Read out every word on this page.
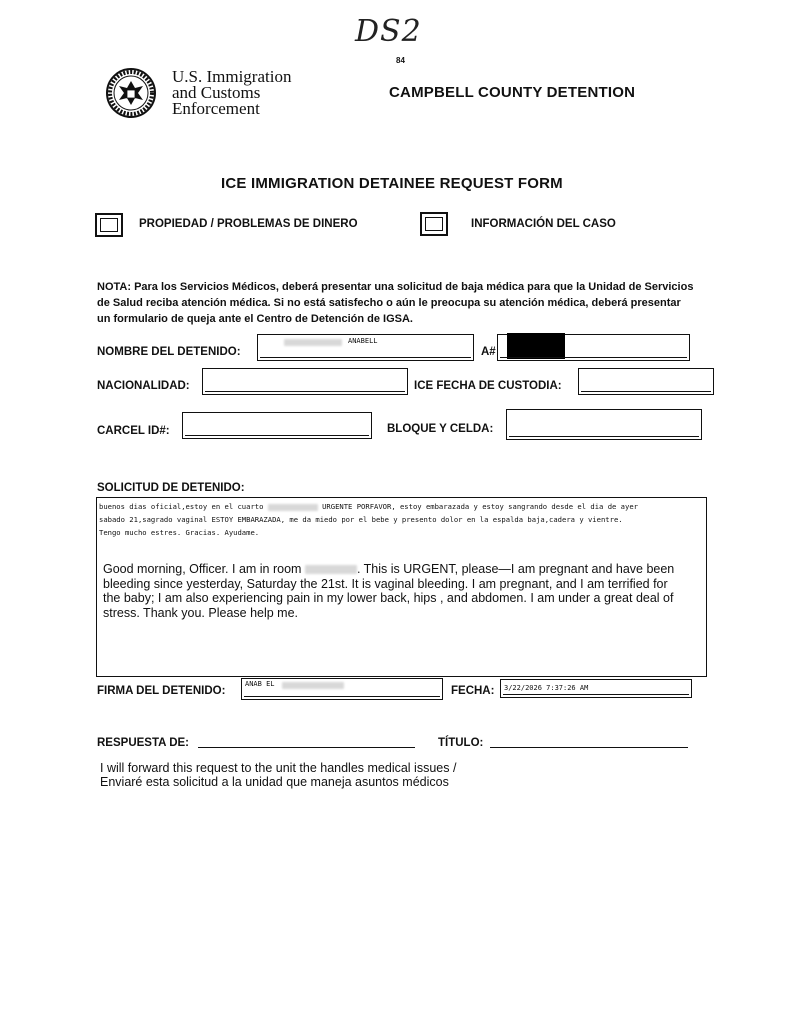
DS2
84
U.S. Immigration
and Customs
Enforcement
CAMPBELL COUNTY DETENTION
ICE IMMIGRATION DETAINEE REQUEST FORM
PROPIEDAD / PROBLEMAS DE DINERO	INFORMACIÓN DEL CASO
NOTA: Para los Servicios Médicos, deberá presentar una solicitud de baja médica para que la Unidad de Servicios de Salud reciba atención médica. Si no está satisfecho o aún le preocupa su atención médica, deberá presentar un formulario de queja ante el Centro de Detención de IGSA.
NOMBRE DEL DETENIDO:
ANABELL
A#
NACIONALIDAD:	ICE FECHA DE CUSTODIA:
CARCEL ID#:	BLOQUE Y CELDA:
SOLICITUD DE DETENIDO:
buenos dias oficial,estoy en el cuarto	URGENTE PORFAVOR, estoy embarazada y estoy sangrando desde el dia de ayer
sabado 21,sagrado vaginal ESTOY EMBARAZADA, me da miedo por el bebe y presento dolor en la espalda baja,cadera y vientre.
Tengo mucho estres. Gracias. Ayudame.
Good morning, Officer. I am in room	. This is URGENT, please—I am pregnant and have been bleeding since yesterday, Saturday the 21st. It is vaginal bleeding. I am pregnant, and I am terrified for the baby; I am also experiencing pain in my lower back, hips , and abdomen. I am under a great deal of stress. Thank you. Please help me.
FIRMA DEL DETENIDO:
ANAB EL
FECHA: 3/22/2026 7:37:26 AM
RESPUESTA DE:	TÍTULO:
I will forward this request to the unit the handles medical issues /
Enviaré esta solicitud a la unidad que maneja asuntos médicos
